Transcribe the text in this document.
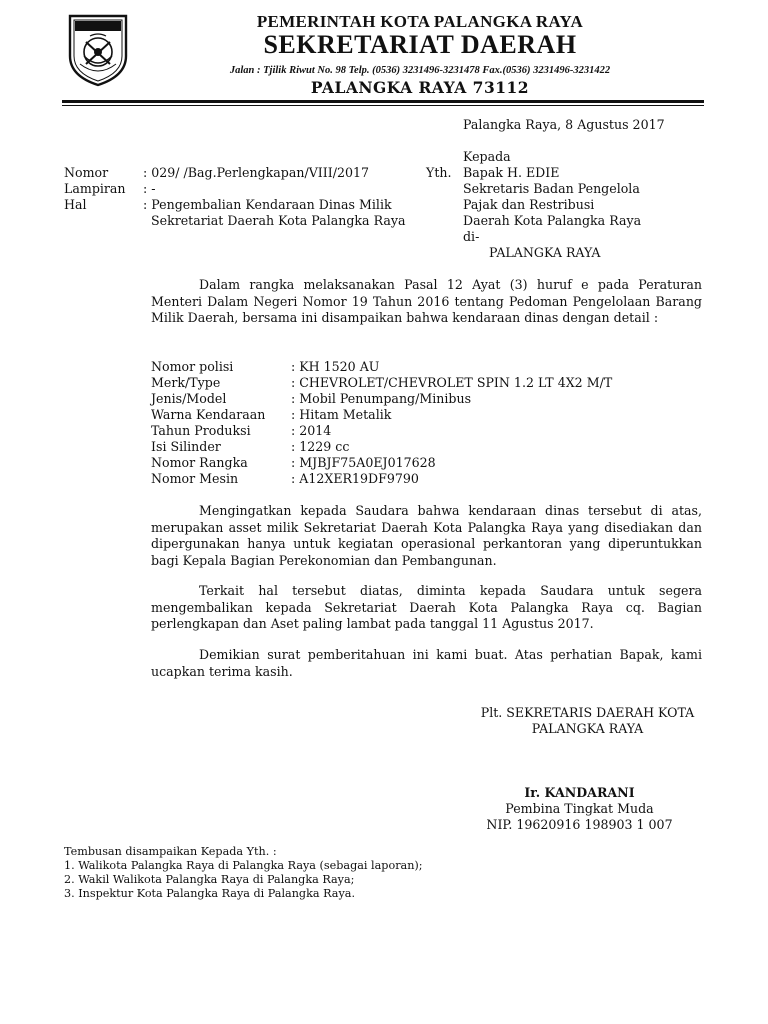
PEMERINTAH KOTA PALANGKA RAYA
SEKRETARIAT DAERAH
Jalan : Tjilik Riwut No. 98 Telp. (0536) 3231496-3231478 Fax.(0536) 3231496-3231422
PALANGKA RAYA 73112
Palangka Raya, 8 Agustus 2017
Kepada
Yth. Bapak H. EDIE
Sekretaris Badan Pengelola
Pajak dan Restribusi
Daerah Kota Palangka Raya
di-
PALANGKA RAYA
Nomor	: 029/ /Bag.Perlengkapan/VIII/2017
Lampiran : -
Hal	: Pengembalian Kendaraan Dinas Milik
Sekretariat Daerah Kota Palangka Raya
Dalam rangka melaksanakan Pasal 12 Ayat (3) huruf e pada Peraturan Menteri Dalam Negeri Nomor 19 Tahun 2016 tentang Pedoman Pengelolaan Barang Milik Daerah, bersama ini disampaikan bahwa kendaraan dinas dengan detail :
Nomor polisi	: KH 1520 AU
Merk/Type	: CHEVROLET/CHEVROLET SPIN 1.2 LT 4X2 M/T
Jenis/Model	: Mobil Penumpang/Minibus
Warna Kendaraan : Hitam Metalik
Tahun Produksi	: 2014
Isi Silinder	: 1229 cc
Nomor Rangka	: MJBJF75A0EJ017628
Nomor Mesin	: A12XER19DF9790
Mengingatkan kepada Saudara bahwa kendaraan dinas tersebut di atas, merupakan asset milik Sekretariat Daerah Kota Palangka Raya yang disediakan dan dipergunakan hanya untuk kegiatan operasional perkantoran yang diperuntukkan bagi Kepala Bagian Perekonomian dan Pembangunan.
Terkait hal tersebut diatas, diminta kepada Saudara untuk segera mengembalikan kepada Sekretariat Daerah Kota Palangka Raya cq. Bagian perlengkapan dan Aset paling lambat pada tanggal 11 Agustus 2017.
Demikian surat pemberitahuan ini kami buat. Atas perhatian Bapak, kami ucapkan terima kasih.
Plt. SEKRETARIS DAERAH KOTA
PALANGKA RAYA
Ir. KANDARANI
Pembina Tingkat Muda
NIP. 19620916 198903 1 007
Tembusan disampaikan Kepada Yth. :
1. Walikota Palangka Raya di Palangka Raya (sebagai laporan);
2. Wakil Walikota Palangka Raya di Palangka Raya;
3. Inspektur Kota Palangka Raya di Palangka Raya.
